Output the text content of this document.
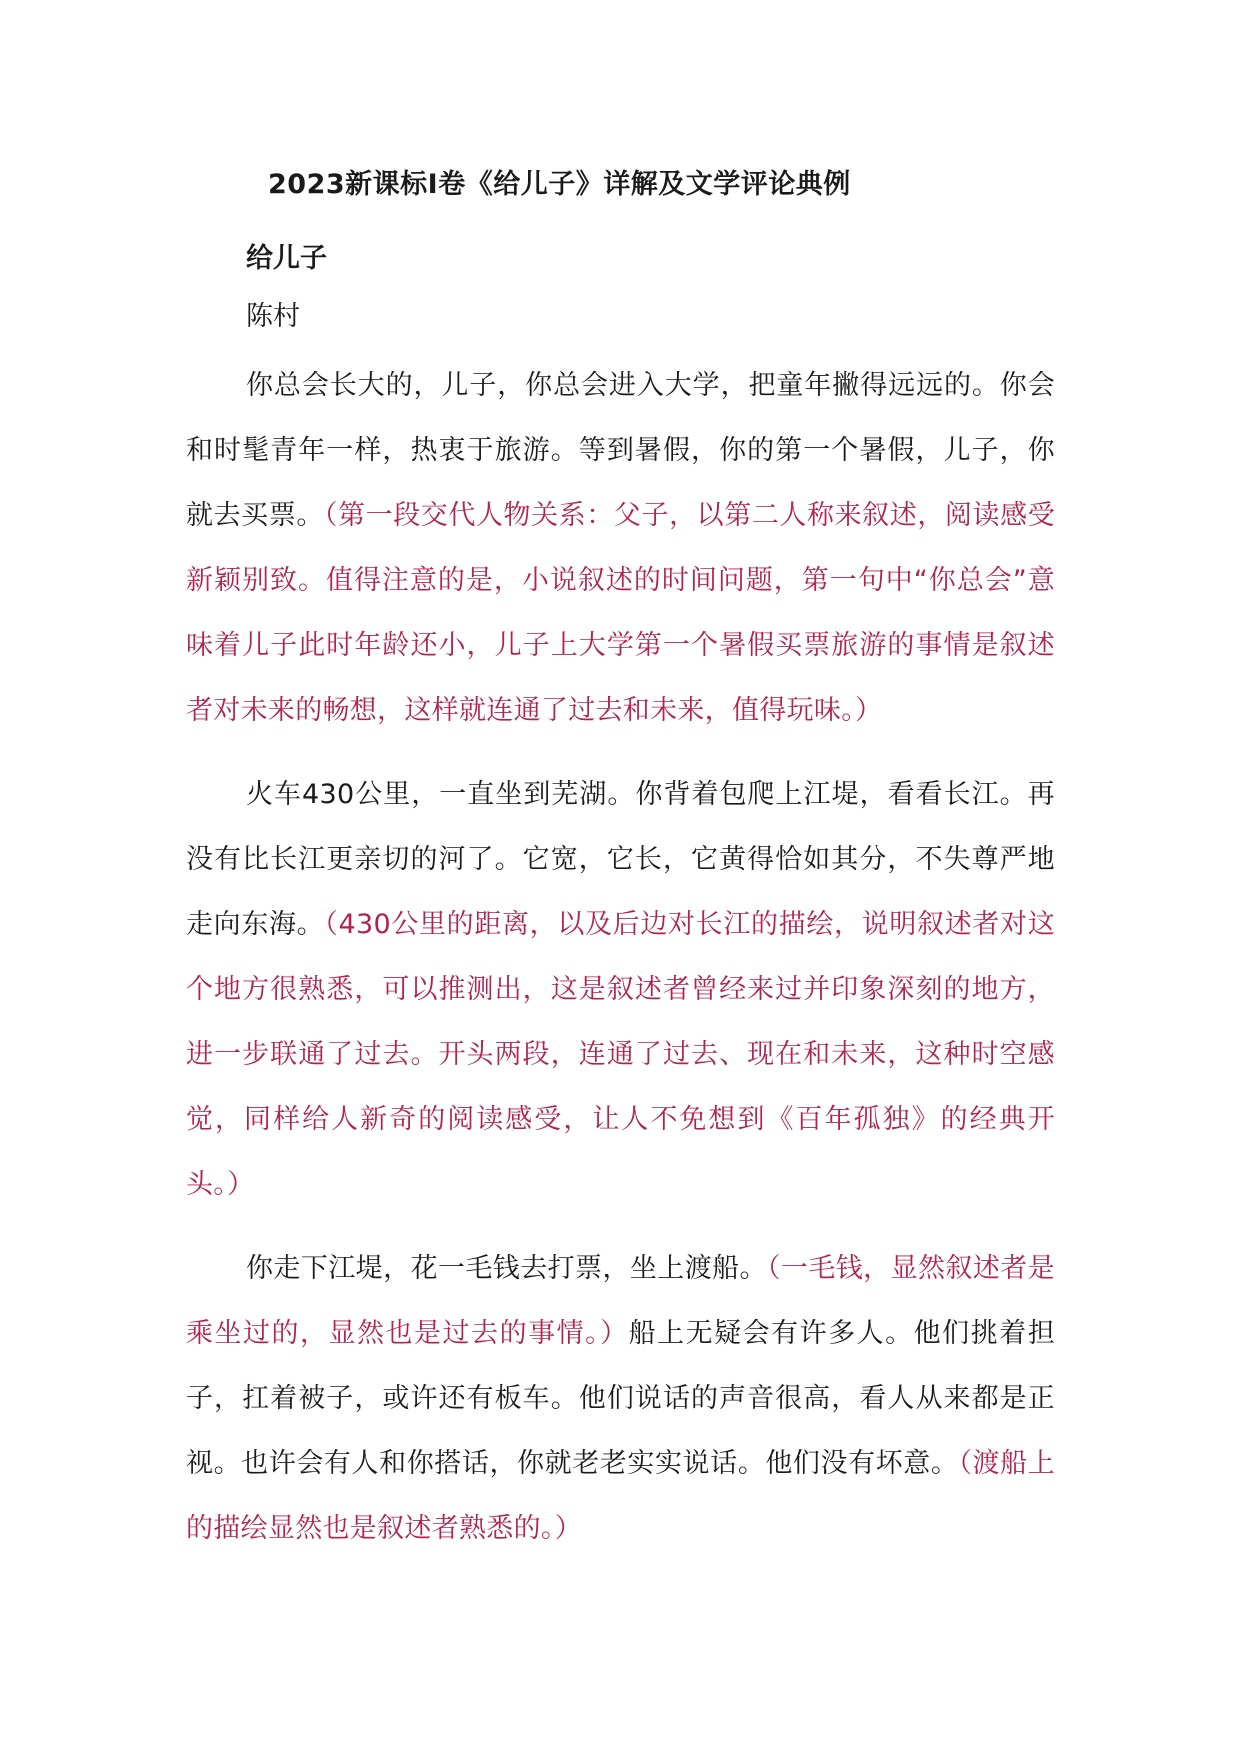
2023新课标Ⅰ卷《给儿子》详解及文学评论典例
给儿子
陈村

你总会长大的，儿子，你总会进入大学，把童年撇得远远的。你会和时髦青年一样，热衷于旅游。等到暑假，你的第一个暑假，儿子，你就去买票。（第一段交代人物关系：父子，以第二人称来叙述，阅读感受新颖别致。值得注意的是，小说叙述的时间问题，第一句中“你总会”意味着儿子此时年龄还小，儿子上大学第一个暑假买票旅游的事情是叙述者对未来的畅想，这样就连通了过去和未来，值得玩味。）

火车430公里，一直坐到芜湖。你背着包爬上江堤，看看长江。再没有比长江更亲切的河了。它宽，它长，它黄得恰如其分，不失尊严地走向东海。（430公里的距离，以及后边对长江的描绘，说明叙述者对这个地方很熟悉，可以推测出，这是叙述者曾经来过并印象深刻的地方，进一步联通了过去。开头两段，连通了过去、现在和未来，这种时空感觉，同样给人新奇的阅读感受，让人不免想到《百年孤独》的经典开头。）

你走下江堤，花一毛钱去打票，坐上渡船。（一毛钱，显然叙述者是乘坐过的，显然也是过去的事情。）船上无疑会有许多人。他们挑着担子，扛着被子，或许还有板车。他们说话的声音很高，看人从来都是正视。也许会有人和你搭话，你就老老实实说话。他们没有坏意。（渡船上的描绘显然也是叙述者熟悉的。）
